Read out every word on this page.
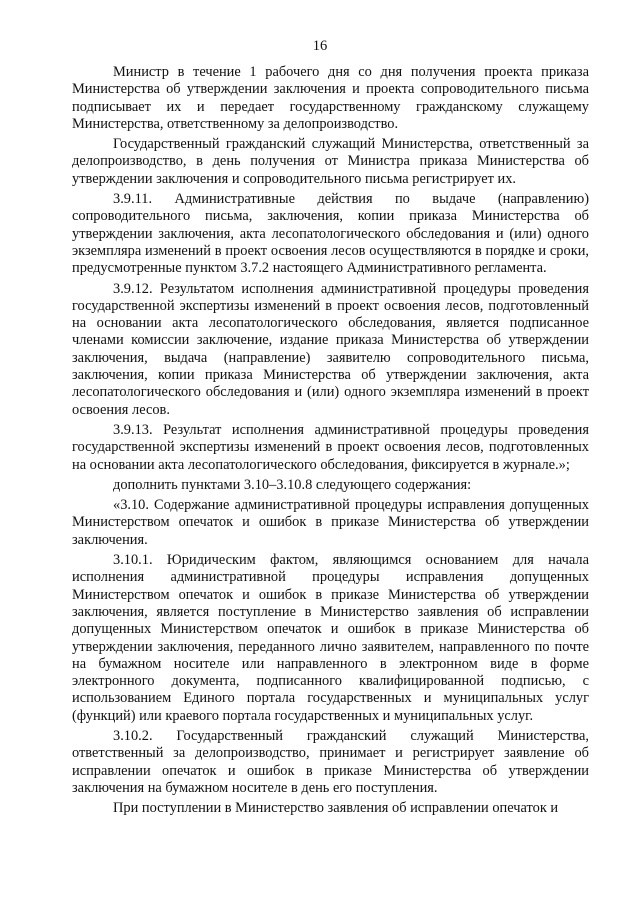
16

Министр в течение 1 рабочего дня со дня получения проекта приказа Министерства об утверждении заключения и проекта сопроводительного письма подписывает их и передает государственному гражданскому служащему Министерства, ответственному за делопроизводство.

Государственный гражданский служащий Министерства, ответственный за делопроизводство, в день получения от Министра приказа Министерства об утверждении заключения и сопроводительного письма регистрирует их.

3.9.11. Административные действия по выдаче (направлению) сопроводительного письма, заключения, копии приказа Министерства об утверждении заключения, акта лесопатологического обследования и (или) одного экземпляра изменений в проект освоения лесов осуществляются в порядке и сроки, предусмотренные пунктом 3.7.2 настоящего Административного регламента.

3.9.12. Результатом исполнения административной процедуры проведения государственной экспертизы изменений в проект освоения лесов, подготовленный на основании акта лесопатологического обследования, является подписанное членами комиссии заключение, издание приказа Министерства об утверждении заключения, выдача (направление) заявителю сопроводительного письма, заключения, копии приказа Министерства об утверждении заключения, акта лесопатологического обследования и (или) одного экземпляра изменений в проект освоения лесов.

3.9.13. Результат исполнения административной процедуры проведения государственной экспертизы изменений в проект освоения лесов, подготовленных на основании акта лесопатологического обследования, фиксируется в журнале.»;

дополнить пунктами 3.10–3.10.8 следующего содержания:

«3.10. Содержание административной процедуры исправления допущенных Министерством опечаток и ошибок в приказе Министерства об утверждении заключения.

3.10.1. Юридическим фактом, являющимся основанием для начала исполнения административной процедуры исправления допущенных Министерством опечаток и ошибок в приказе Министерства об утверждении заключения, является поступление в Министерство заявления об исправлении допущенных Министерством опечаток и ошибок в приказе Министерства об утверждении заключения, переданного лично заявителем, направленного по почте на бумажном носителе или направленного в электронном виде в форме электронного документа, подписанного квалифицированной подписью, с использованием Единого портала государственных и муниципальных услуг (функций) или краевого портала государственных и муниципальных услуг.

3.10.2. Государственный гражданский служащий Министерства, ответственный за делопроизводство, принимает и регистрирует заявление об исправлении опечаток и ошибок в приказе Министерства об утверждении заключения на бумажном носителе в день его поступления.

При поступлении в Министерство заявления об исправлении опечаток и
